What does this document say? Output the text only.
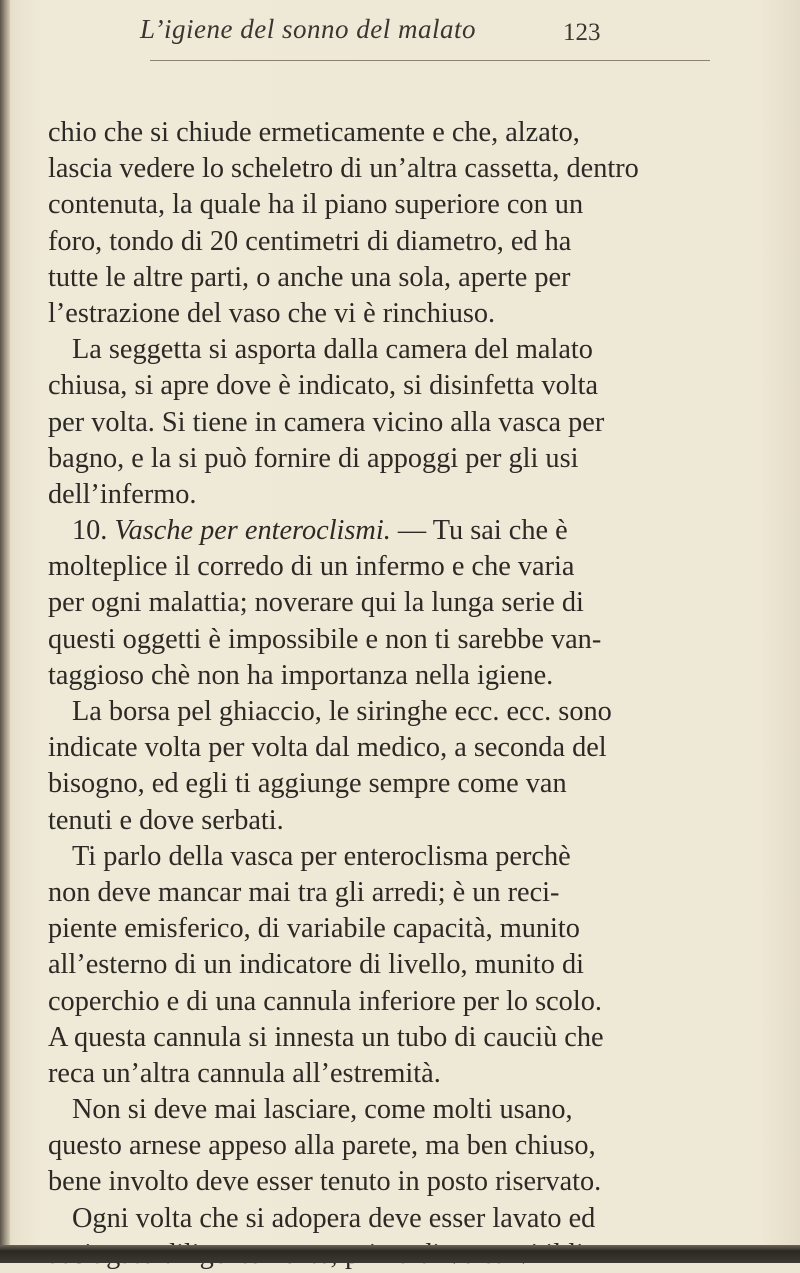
L’igiene del sonno del malato	123
chio che si chiude ermeticamente e che, alzato,
lascia vedere lo scheletro di un’altra cassetta, dentro
contenuta, la quale ha il piano superiore con un
foro, tondo di 20 centimetri di diametro, ed ha
tutte le altre parti, o anche una sola, aperte per
l’estrazione del vaso che vi è rinchiuso.
La seggetta si asporta dalla camera del malato
chiusa, si apre dove è indicato, si disinfetta volta
per volta. Si tiene in camera vicino alla vasca per
bagno, e la si può fornire di appoggi per gli usi
dell’infermo.
10. Vasche per enteroclismi. — Tu sai che è
molteplice il corredo di un infermo e che varia
per ogni malattia; noverare qui la lunga serie di
questi oggetti è impossibile e non ti sarebbe van-
taggioso chè non ha importanza nella igiene.
La borsa pel ghiaccio, le siringhe ecc. ecc. sono
indicate volta per volta dal medico, a seconda del
bisogno, ed egli ti aggiunge sempre come van
tenuti e dove serbati.
Ti parlo della vasca per enteroclisma perchè
non deve mancar mai tra gli arredi; è un reci-
piente emisferico, di variabile capacità, munito
all’esterno di un indicatore di livello, munito di
coperchio e di una cannula inferiore per lo scolo.
A questa cannula si innesta un tubo di cauciù che
reca un’altra cannula all’estremità.
Non si deve mai lasciare, come molti usano,
questo arnese appeso alla parete, ma ben chiuso,
bene involto deve esser tenuto in posto riservato.
Ogni volta che si adopera deve esser lavato ed
